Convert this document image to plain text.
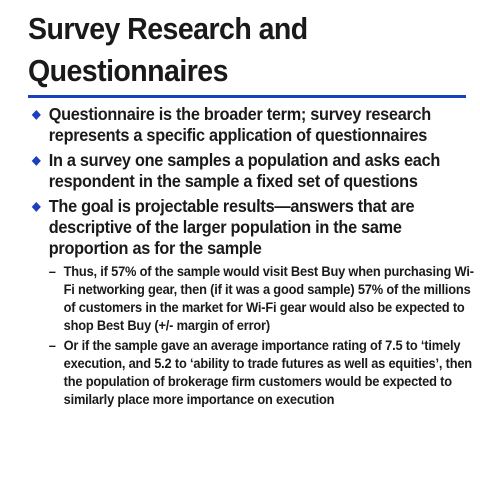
Survey Research and
Questionnaires
◆ Questionnaire is the broader term; survey research represents a specific application of questionnaires
◆ In a survey one samples a population and asks each respondent in the sample a fixed set of questions
◆ The goal is projectable results—answers that are descriptive of the larger population in the same proportion as for the sample
– Thus, if 57% of the sample would visit Best Buy when purchasing Wi-Fi networking gear, then (if it was a good sample) 57% of the millions of customers in the market for Wi-Fi gear would also be expected to shop Best Buy (+/- margin of error)
– Or if the sample gave an average importance rating of 7.5 to ‘timely execution, and 5.2 to ‘ability to trade futures as well as equities’, then the population of brokerage firm customers would be expected to similarly place more importance on execution
